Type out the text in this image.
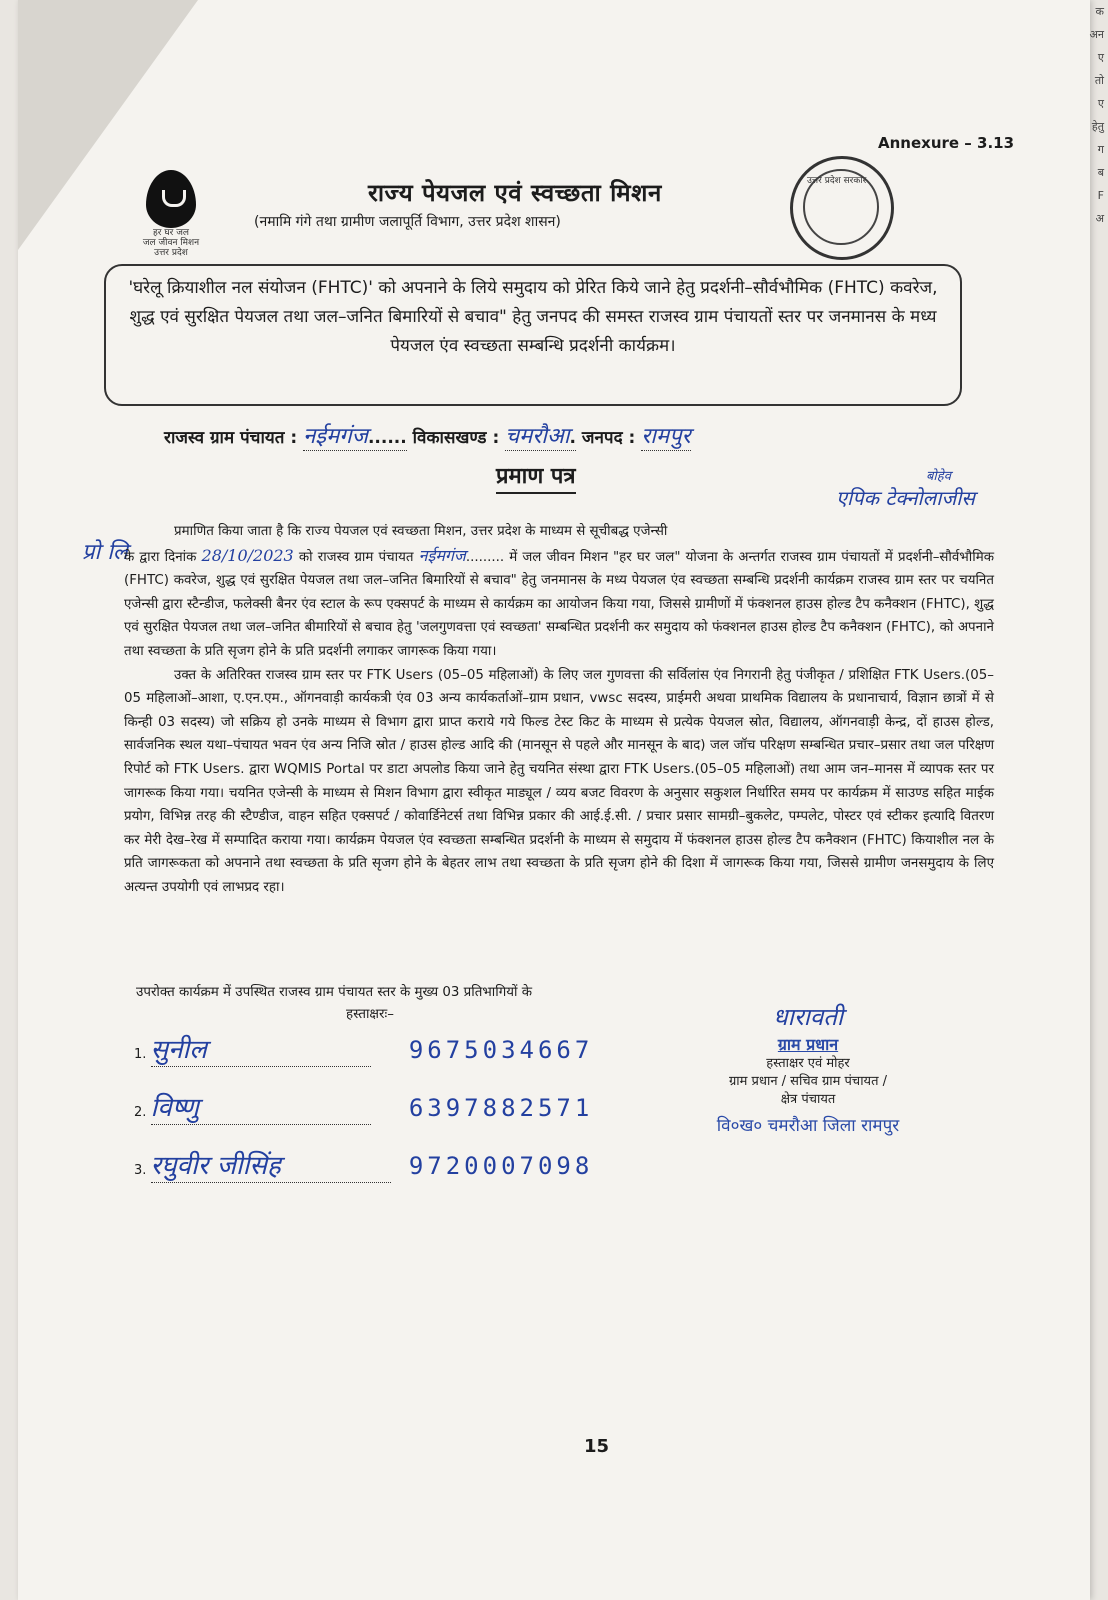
Annexure – 3.13
हर घर जल
जल जीवन मिशन
उत्तर प्रदेश
उत्तर प्रदेश सरकार
राज्य पेयजल एवं स्वच्छता मिशन
(नमामि गंगे तथा ग्रामीण जलापूर्ति विभाग, उत्तर प्रदेश शासन)
'घरेलू क्रियाशील नल संयोजन (FHTC)' को अपनाने के लिये समुदाय को प्रेरित किये जाने हेतु प्रदर्शनी–सौर्वभौमिक (FHTC) कवरेज, शुद्ध एवं सुरक्षित पेयजल तथा जल–जनित बिमारियों से बचाव" हेतु जनपद की समस्त राजस्व ग्राम पंचायतों स्तर पर जनमानस के मध्य पेयजल एंव स्वच्छता सम्बन्धि प्रदर्शनी कार्यक्रम।
राजस्व ग्राम पंचायत : नईमगंज...... विकासखण्ड : चमरौआ. जनपद : रामपुर
प्रमाण पत्र	बोहेव
एपिक टेक्नोलाजीस
प्रो लि

प्रमाणित किया जाता है कि राज्य पेयजल एवं स्वच्छता मिशन, उत्तर प्रदेश के माध्यम से सूचीबद्ध एजेन्सी
के द्वारा दिनांक 28/10/2023 को राजस्व ग्राम पंचायत नईमगंज......... में जल जीवन मिशन "हर घर जल" योजना के अन्तर्गत राजस्व ग्राम पंचायतों में प्रदर्शनी–सौर्वभौमिक (FHTC) कवरेज, शुद्ध एवं सुरक्षित पेयजल तथा जल–जनित बिमारियों से बचाव" हेतु जनमानस के मध्य पेयजल एंव स्वच्छता सम्बन्धि प्रदर्शनी कार्यक्रम राजस्व ग्राम स्तर पर चयनित एजेन्सी द्वारा स्टैन्डीज, फलेक्सी बैनर एंव स्टाल के रूप एक्सपर्ट के माध्यम से कार्यक्रम का आयोजन किया गया, जिससे ग्रामीणों में फंक्शनल हाउस होल्ड टैप कनैक्शन (FHTC), शुद्ध एवं सुरक्षित पेयजल तथा जल–जनित बीमारियों से बचाव हेतु 'जलगुणवत्ता एवं स्वच्छता' सम्बन्धित प्रदर्शनी कर समुदाय को फंक्शनल हाउस होल्ड टैप कनैक्शन (FHTC), को अपनाने तथा स्वच्छता के प्रति सृजग होने के प्रति प्रदर्शनी लगाकर जागरूक किया गया।

उक्त के अतिरिक्त राजस्व ग्राम स्तर पर FTK Users (05–05 महिलाओं) के लिए जल गुणवत्ता की सर्विलांस एंव निगरानी हेतु पंजीकृत / प्रशिक्षित FTK Users.(05–05 महिलाओं–आशा, ए.एन.एम., ऑगनवाड़ी कार्यकत्री एंव 03 अन्य कार्यकर्ताओं–ग्राम प्रधान, vwsc सदस्य, प्राईमरी अथवा प्राथमिक विद्यालय के प्रधानाचार्य, विज्ञान छात्रों में से किन्ही 03 सदस्य) जो सक्रिय हो उनके माध्यम से विभाग द्वारा प्राप्त कराये गये फिल्ड टेस्ट किट के माध्यम से प्रत्येक पेयजल स्रोत, विद्यालय, ऑगनवाड़ी केन्द्र, दों हाउस होल्ड, सार्वजनिक स्थल यथा–पंचायत भवन एंव अन्य निजि स्रोत / हाउस होल्ड आदि की (मानसून से पहले और मानसून के बाद) जल जॉच परिक्षण सम्बन्धित प्रचार–प्रसार तथा जल परिक्षण रिपोर्ट को FTK Users. द्वारा WQMIS Portal पर डाटा अपलोड किया जाने हेतु चयनित संस्था द्वारा FTK Users.(05–05 महिलाओं) तथा आम जन–मानस में व्यापक स्तर पर जागरूक किया गया। चयनित एजेन्सी के माध्यम से मिशन विभाग द्वारा स्वीकृत माड्यूल / व्यय बजट विवरण के अनुसार सकुशल निर्धारित समय पर कार्यक्रम में साउण्ड सहित माईक प्रयोग, विभिन्न तरह की स्टैण्डीज, वाहन सहित एक्सपर्ट / कोवार्डिनेटर्स तथा विभिन्न प्रकार की आई.ई.सी. / प्रचार प्रसार सामग्री–बुकलेट, पम्पलेट, पोस्टर एवं स्टीकर इत्यादि वितरण कर मेरी देख–रेख में सम्पादित कराया गया। कार्यक्रम पेयजल एंव स्वच्छता सम्बन्धित प्रदर्शनी के माध्यम से समुदाय में फंक्शनल हाउस होल्ड टैप कनैक्शन (FHTC) कियाशील नल के प्रति जागरूकता को अपनाने तथा स्वच्छता के प्रति सृजग होने के बेहतर लाभ तथा स्वच्छता के प्रति सृजग होने की दिशा में जागरूक किया गया, जिससे ग्रामीण जनसमुदाय के लिए अत्यन्त उपयोगी एवं लाभप्रद रहा।

उपरोक्त कार्यक्रम में उपस्थित राजस्व ग्राम पंचायत स्तर के मुख्य 03 प्रतिभागियों के
हस्ताक्षरः–
1. सुनील	9675034667
2. विष्णु	6397882571
3. रघुवीर जीसिंह	9720007098
धारावती
ग्राम प्रधान
हस्ताक्षर एवं मोहर
ग्राम प्रधान / सचिव ग्राम पंचायत /
क्षेत्र पंचायत
वि०ख० चमरौआ जिला रामपुर
15
क
अन
ए
तो
ए
हेतु
ग
ब
F
अ
